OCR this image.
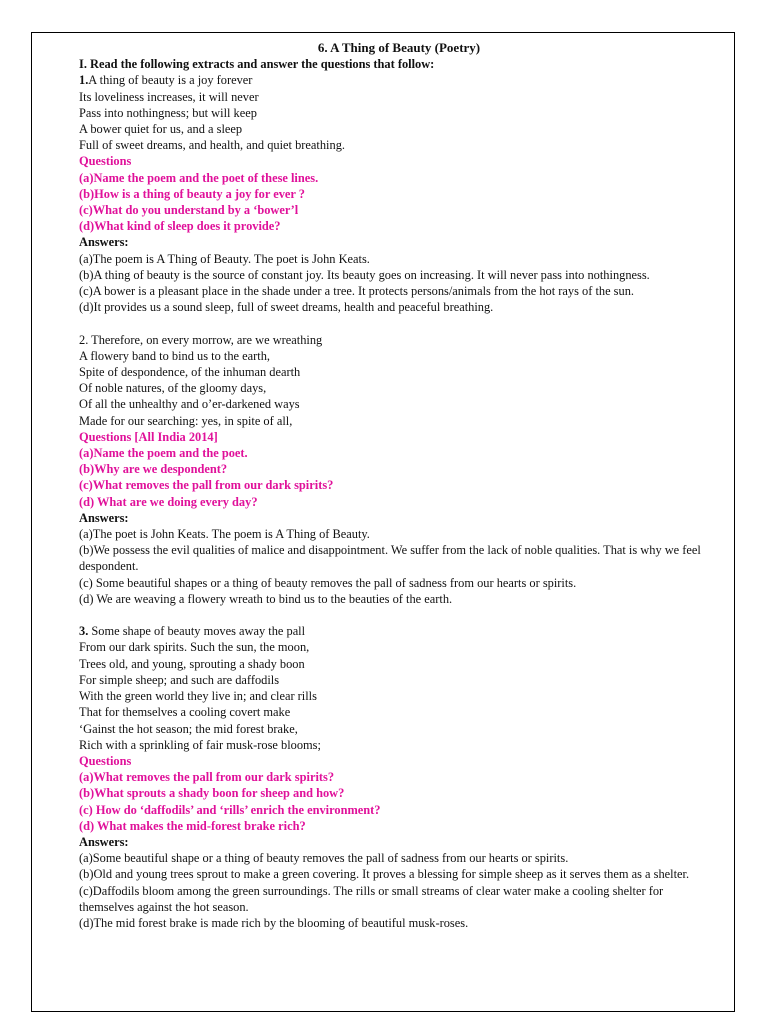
6. A Thing of Beauty (Poetry)
I. Read the following extracts and answer the questions that follow:
1.A thing of beauty is a joy forever
Its loveliness increases, it will never
Pass into nothingness; but will keep
A bower quiet for us, and a sleep
Full of sweet dreams, and health, and quiet breathing.
Questions
(a)Name the poem and the poet of these lines.
(b)How is a thing of beauty a joy for ever ?
(c)What do you understand by a ‘bower’l
(d)What kind of sleep does it provide?
Answers:
(a)The poem is A Thing of Beauty. The poet is John Keats.
(b)A thing of beauty is the source of constant joy. Its beauty goes on increasing. It will never pass into nothingness.
(c)A bower is a pleasant place in the shade under a tree. It protects persons/animals from the hot rays of the sun.
(d)It provides us a sound sleep, full of sweet dreams, health and peaceful breathing.
2. Therefore, on every morrow, are we wreathing
A flowery band to bind us to the earth,
Spite of despondence, of the inhuman dearth
Of noble natures, of the gloomy days,
Of all the unhealthy and o’er-darkened ways
Made for our searching: yes, in spite of all,
Questions [All India 2014]
(a)Name the poem and the poet.
(b)Why are we despondent?
(c)What removes the pall from our dark spirits?
(d) What are we doing every day?
Answers:
(a)The poet is John Keats. The poem is A Thing of Beauty.
(b)We possess the evil qualities of malice and disappointment. We suffer from the lack of noble qualities. That is why we feel despondent.
(c) Some beautiful shapes or a thing of beauty removes the pall of sadness from our hearts or spirits.
(d) We are weaving a flowery wreath to bind us to the beauties of the earth.
3. Some shape of beauty moves away the pall
From our dark spirits. Such the sun, the moon,
Trees old, and young, sprouting a shady boon
For simple sheep; and such are daffodils
With the green world they live in; and clear rills
That for themselves a cooling covert make
‘Gainst the hot season; the mid forest brake,
Rich with a sprinkling of fair musk-rose blooms;
Questions
(a)What removes the pall from our dark spirits?
(b)What sprouts a shady boon for sheep and how?
(c) How do ‘daffodils’ and ‘rills’ enrich the environment?
(d) What makes the mid-forest brake rich?
Answers:
(a)Some beautiful shape or a thing of beauty removes the pall of sadness from our hearts or spirits.
(b)Old and young trees sprout to make a green covering. It proves a blessing for simple sheep as it serves them as a shelter.
(c)Daffodils bloom among the green surroundings. The rills or small streams of clear water make a cooling shelter for themselves against the hot season.
(d)The mid forest brake is made rich by the blooming of beautiful musk-roses.
